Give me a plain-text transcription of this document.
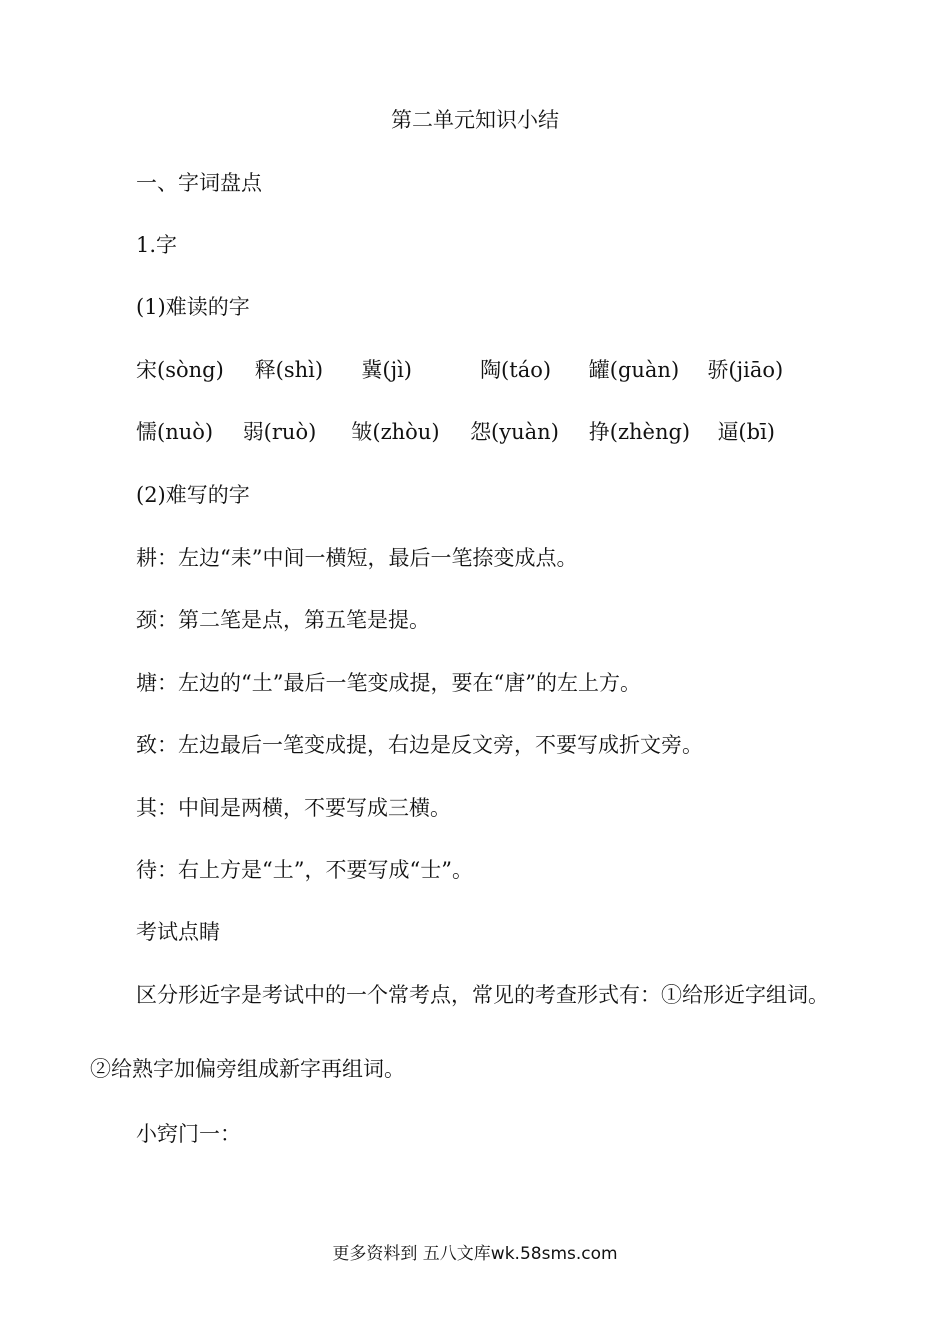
第二单元知识小结
一、字词盘点
1.字
(1)难读的字
宋(sòng) 释(shì) 冀(jì)	陶(táo) 罐(guàn) 骄(jiāo)
懦(nuò) 弱(ruò) 皱(zhòu) 怨(yuàn) 挣(zhèng) 逼(bī)
(2)难写的字
耕：左边“耒”中间一横短，最后一笔捺变成点。
颈：第二笔是点，第五笔是提。
塘：左边的“土”最后一笔变成提，要在“唐”的左上方。
致：左边最后一笔变成提，右边是反文旁，不要写成折文旁。
其：中间是两横，不要写成三横。
待：右上方是“土”，不要写成“士”。
考试点睛
区分形近字是考试中的一个常考点，常见的考查形式有：①给形近字组词。
②给熟字加偏旁组成新字再组词。
小窍门一：
更多资料到 五八文库wk.58sms.com
